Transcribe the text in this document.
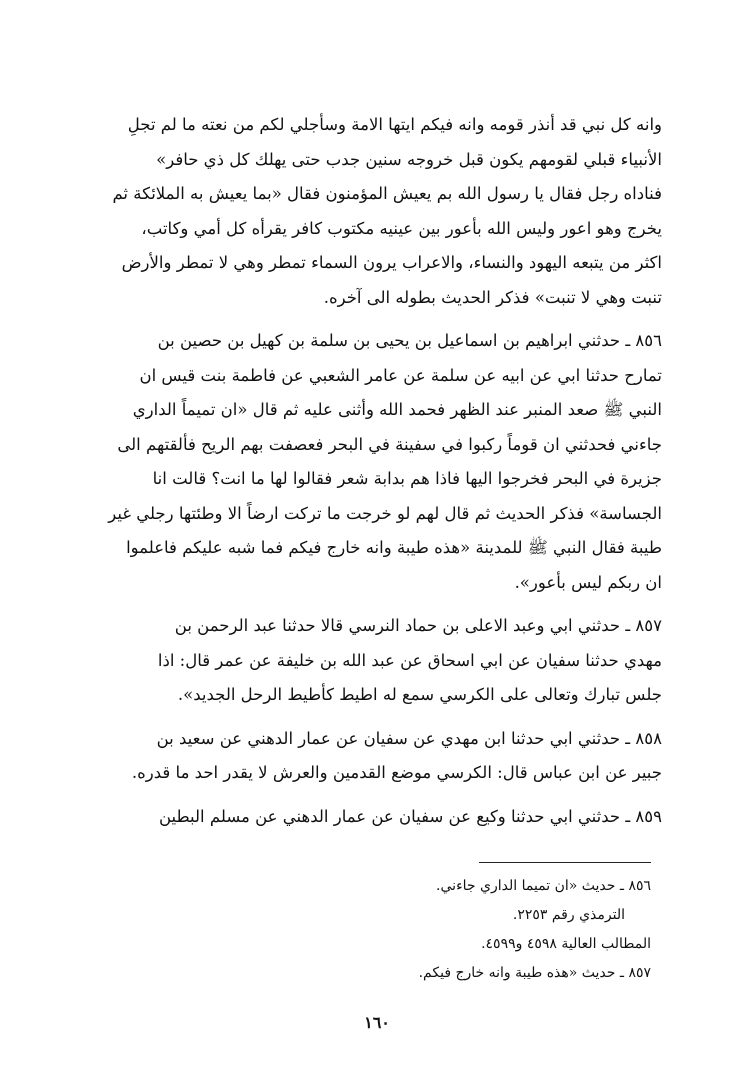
وانه كل نبي قد أنذر قومه وانه فيكم ايتها الامة وسأجلي لكم من نعته ما لم تجلِ
الأنبياء قبلي لقومهم يكون قبل خروجه سنين جدب حتى يهلك كل ذي حافر»
فناداه رجل فقال يا رسول الله بم يعيش المؤمنون فقال «بما يعيش به الملائكة ثم
يخرج وهو اعور وليس الله بأعور بين عينيه مكتوب كافر يقرأه كل أمي وكاتب،
اكثر من يتبعه اليهود والنساء، والاعراب يرون السماء تمطر وهي لا تمطر والأرض
تنبت وهي لا تنبت» فذكر الحديث بطوله الى آخره.
٨٥٦ ـ حدثني ابراهيم بن اسماعيل بن يحيى بن سلمة بن كهيل بن حصين بن
تمارح حدثنا ابي عن ابيه عن سلمة عن عامر الشعبي عن فاطمة بنت قيس ان
النبي ﷺ صعد المنبر عند الظهر فحمد الله وأثنى عليه ثم قال «ان تميماً الداري
جاءني فحدثني ان قوماً ركبوا في سفينة في البحر فعصفت بهم الريح فألقتهم الى
جزيرة في البحر فخرجوا اليها فاذا هم بدابة شعر فقالوا لها ما انت؟ قالت انا
الجساسة» فذكر الحديث ثم قال لهم لو خرجت ما تركت ارضاً الا وطئتها رجلي غير
طيبة فقال النبي ﷺ للمدينة «هذه طيبة وانه خارج فيكم فما شبه عليكم فاعلموا
ان ربكم ليس بأعور».
٨٥٧ ـ حدثني ابي وعبد الاعلى بن حماد النرسي قالا حدثنا عبد الرحمن بن
مهدي حدثنا سفيان عن ابي اسحاق عن عبد الله بن خليفة عن عمر قال: اذا
جلس تبارك وتعالى على الكرسي سمع له اطيط كأطيط الرحل الجديد».
٨٥٨ ـ حدثني ابي حدثنا ابن مهدي عن سفيان عن عمار الدهني عن سعيد بن
جبير عن ابن عباس قال: الكرسي موضع القدمين والعرش لا يقدر احد ما قدره.
٨٥٩ ـ حدثني ابي حدثنا وكيع عن سفيان عن عمار الدهني عن مسلم البطين
٨٥٦ ـ حديث «ان تميما الداري جاءني.
الترمذي رقم ٢٢٥٣.
المطالب العالية ٤٥٩٨ و٤٥٩٩.
٨٥٧ ـ حديث «هذه طيبة وانه خارج فيكم.
١٦٠
